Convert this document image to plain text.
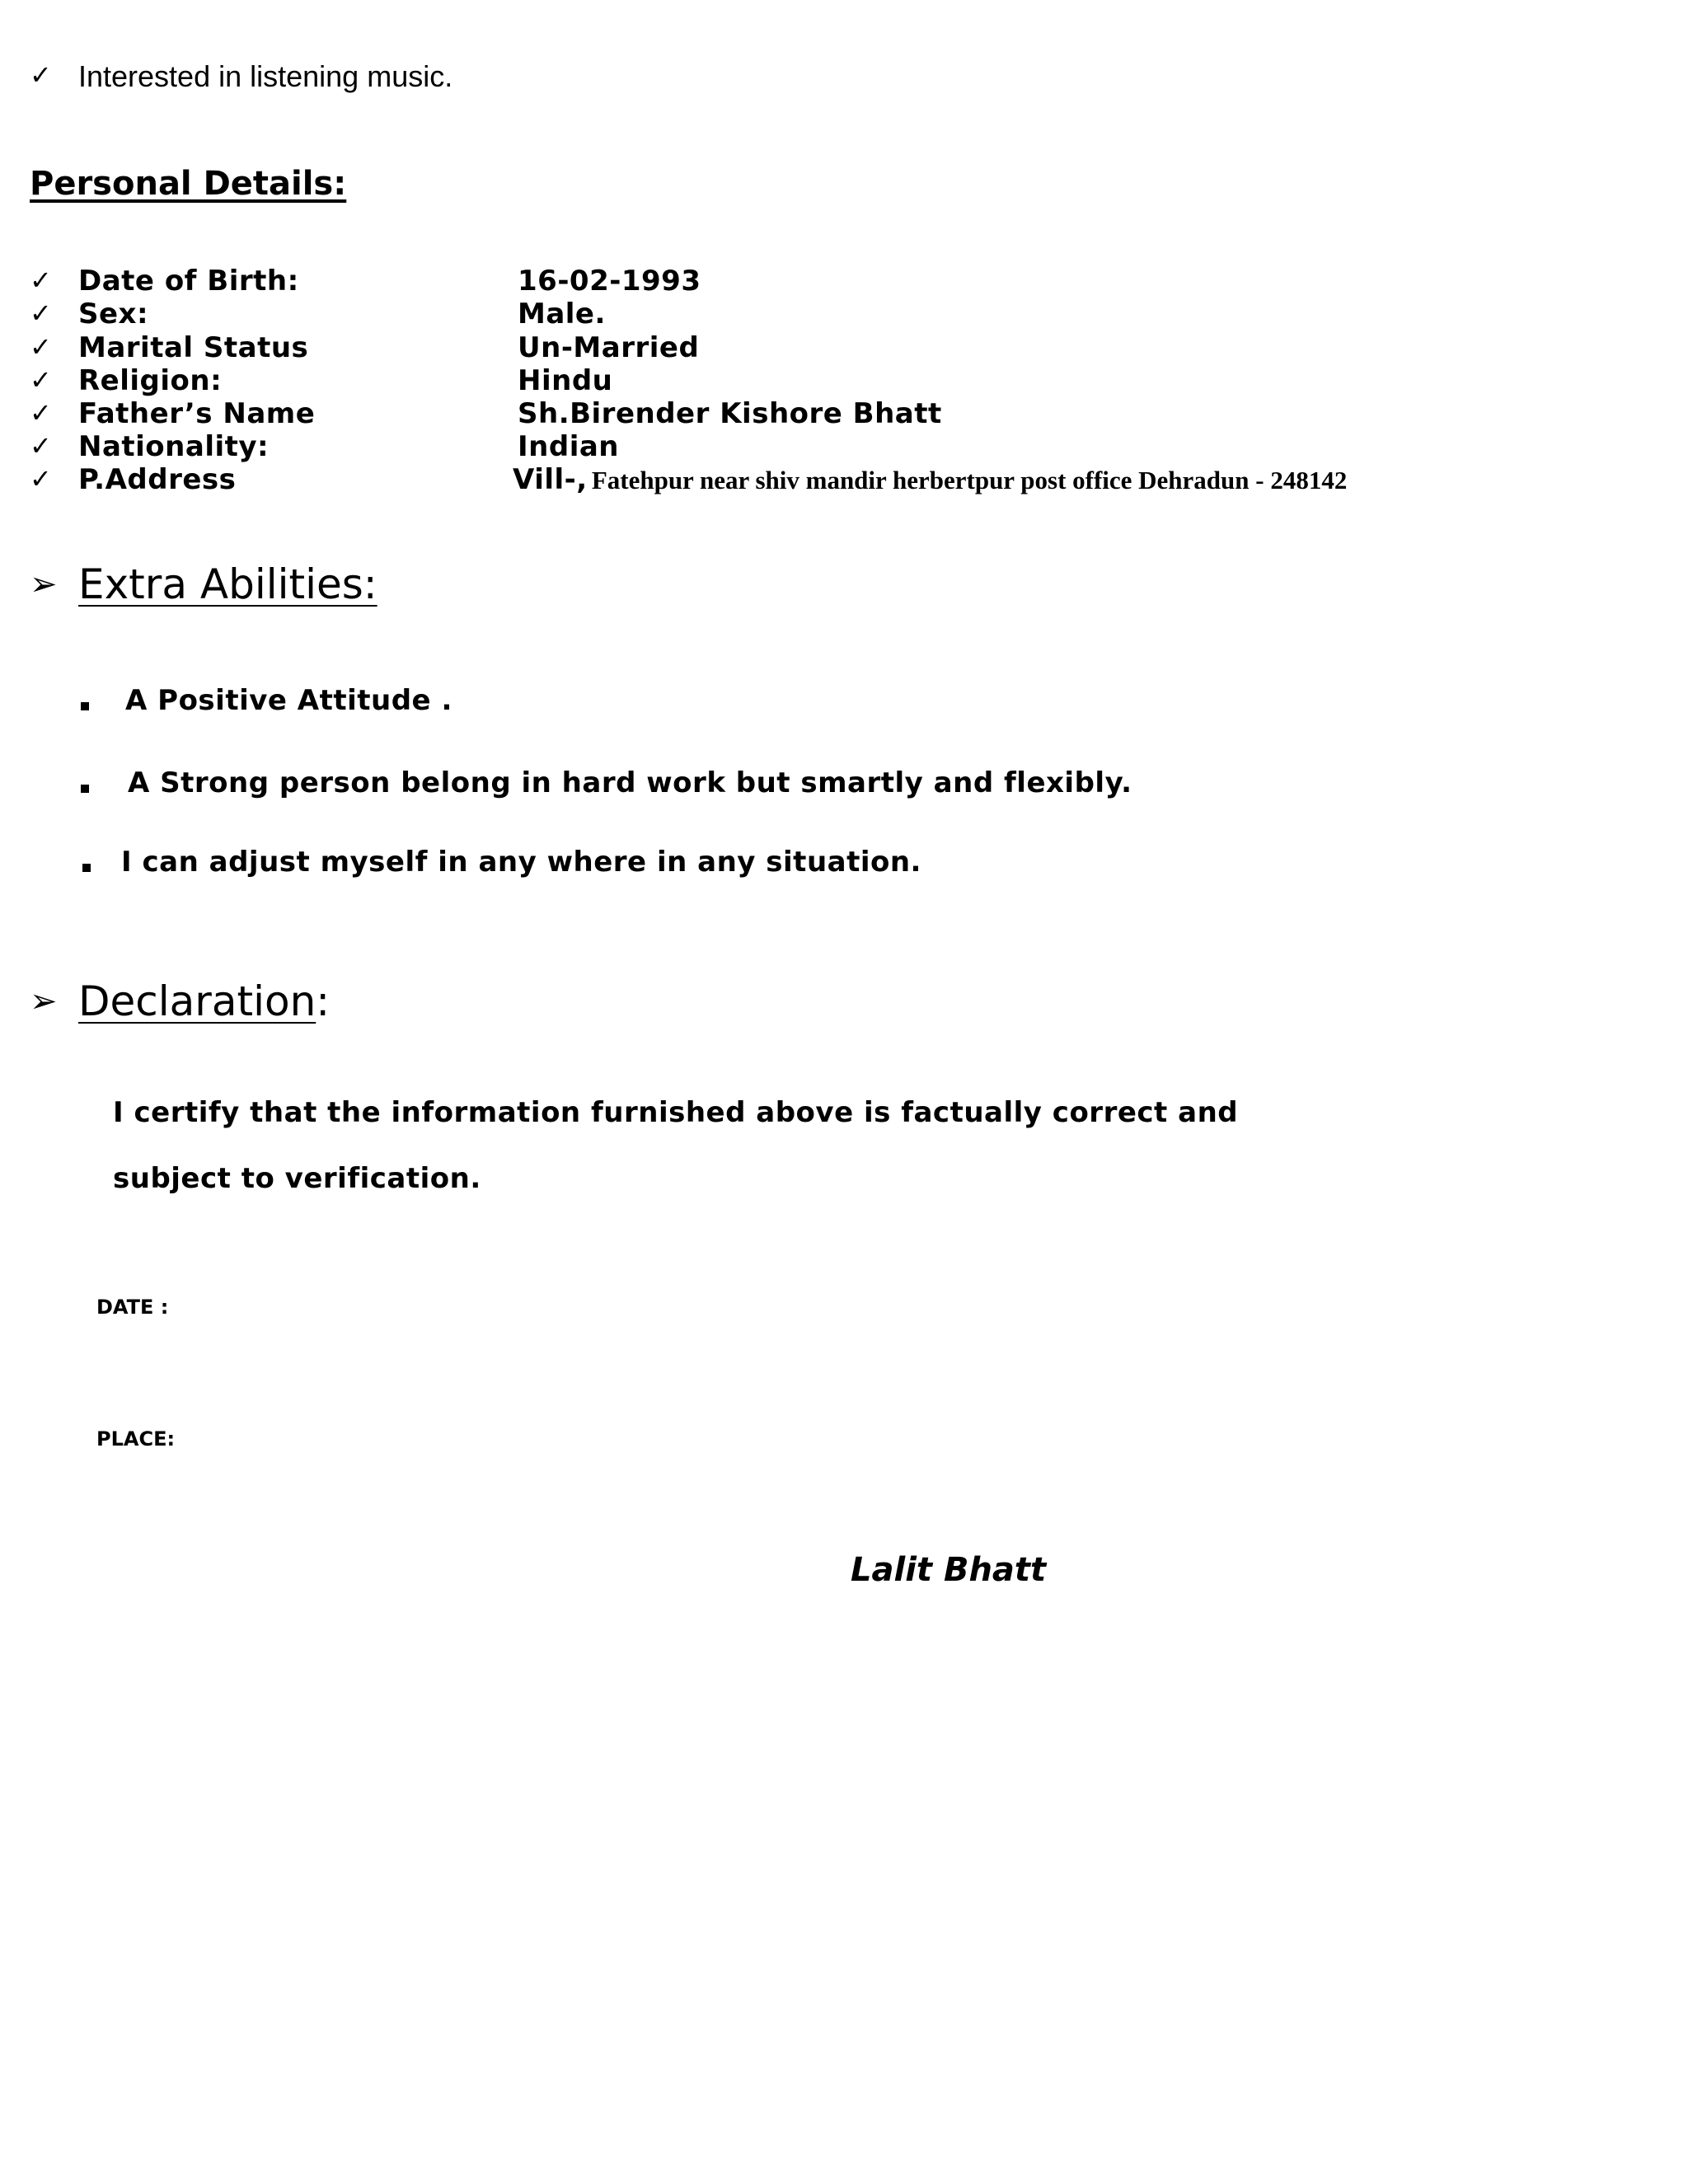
✓ Interested in listening music.
Personal Details:
✓ Date of Birth:	16-02-1993
✓ Sex:	Male.
✓ Marital Status	Un-Married
✓ Religion:	Hindu
✓ Father’s Name	Sh.Birender Kishore Bhatt
✓ Nationality:	Indian
✓ P.Address	Vill-, Fatehpur near shiv mandir herbertpur post office Dehradun - 248142
➢ Extra Abilities:
A Positive Attitude .
A Strong person belong in hard work but smartly and flexibly.
I can adjust myself in any where in any situation.
➢ Declaration:
I certify that the information furnished above is factually correct and
subject to verification.
DATE :
PLACE:
Lalit Bhatt
